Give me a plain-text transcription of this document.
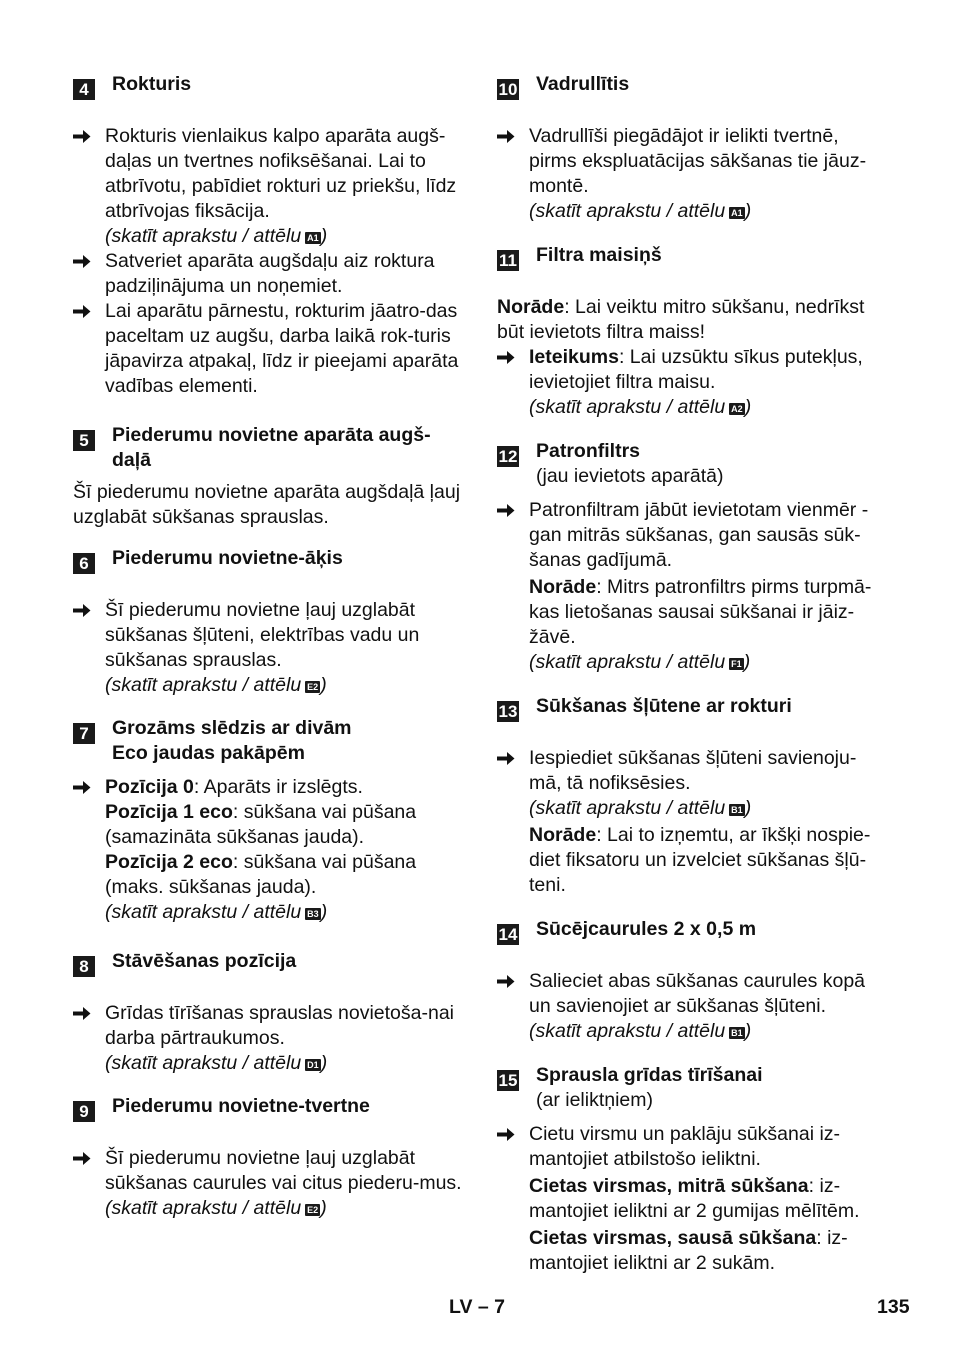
4	Rokturis

Rokturis vienlaikus kalpo aparāta augš-daļas un tvertnes nofiksēšanai. Lai to atbrīvotu, pabīdiet rokturi uz priekšu, līdz atbrīvojas fiksācija.

(skatīt aprakstu / attēlu A1 )

Satveriet aparāta augšdaļu aiz roktura padziļinājuma un noņemiet.

Lai aparātu pārnestu, rokturim jāatro-das paceltam uz augšu, darba laikā rok-turis jāpavirza atpakaļ, līdz ir pieejami aparāta vadības elementi.

5	Piederumu novietne aparāta augš-daļā

Šī piederumu novietne aparāta augšdaļā ļauj uzglabāt sūkšanas sprauslas.

6	Piederumu novietne-āķis

Šī piederumu novietne ļauj uzglabāt sūkšanas šļūteni, elektrības vadu un sūkšanas sprauslas.

(skatīt aprakstu / attēlu E2 )

7	Grozāms slēdzis ar divām
Eco jaudas pakāpēm

Pozīcija 0: Aparāts ir izslēgts.

Pozīcija 1 eco: sūkšana vai pūšana (samazināta sūkšanas jauda).

Pozīcija 2 eco: sūkšana vai pūšana (maks. sūkšanas jauda).

(skatīt aprakstu / attēlu B3 )

8	Stāvēšanas pozīcija

Grīdas tīrīšanas sprauslas novietoša-nai darba pārtraukumos.

(skatīt aprakstu / attēlu D1 )

9	Piederumu novietne-tvertne

Šī piederumu novietne ļauj uzglabāt sūkšanas caurules vai citus piederu-mus.

(skatīt aprakstu / attēlu E2 )

10 Vadrullītis

Vadrullīši piegādājot ir ielikti tvertnē, pirms ekspluatācijas sākšanas tie jāuz-montē.

(skatīt aprakstu / attēlu A1 )

11 Filtra maisiņš

Norāde: Lai veiktu mitro sūkšanu, nedrīkst būt ievietots filtra maiss!

Ieteikums: Lai uzsūktu sīkus putekļus, ievietojiet filtra maisu.

(skatīt aprakstu / attēlu A2 )

12 Patronfiltrs
(jau ievietots aparātā)

Patronfiltram jābūt ievietotam vienmēr - gan mitrās sūkšanas, gan sausās sūk-šanas gadījumā.

Norāde: Mitrs patronfiltrs pirms turpmā-kas lietošanas sausai sūkšanai ir jāiz-žāvē.

(skatīt aprakstu / attēlu F1 )

13 Sūkšanas šļūtene ar rokturi

Iespiediet sūkšanas šļūteni savienoju-mā, tā nofiksēsies.

(skatīt aprakstu / attēlu B1 )

Norāde: Lai to izņemtu, ar īkšķi nospie-diet fiksatoru un izvelciet sūkšanas šļū-teni.

14 Sūcējcaurules 2 x 0,5 m

Salieciet abas sūkšanas caurules kopā un savienojiet ar sūkšanas šļūteni.

(skatīt aprakstu / attēlu B1 )

15 Sprausla grīdas tīrīšanai
(ar ieliktņiem)

Cietu virsmu un paklāju sūkšanai iz-mantojiet atbilstošo ieliktni.

Cietas virsmas, mitrā sūkšana: iz-mantojiet ieliktni ar 2 gumijas mēlītēm.

Cietas virsmas, sausā sūkšana: iz-mantojiet ieliktni ar 2 sukām.

LV – 7	135
